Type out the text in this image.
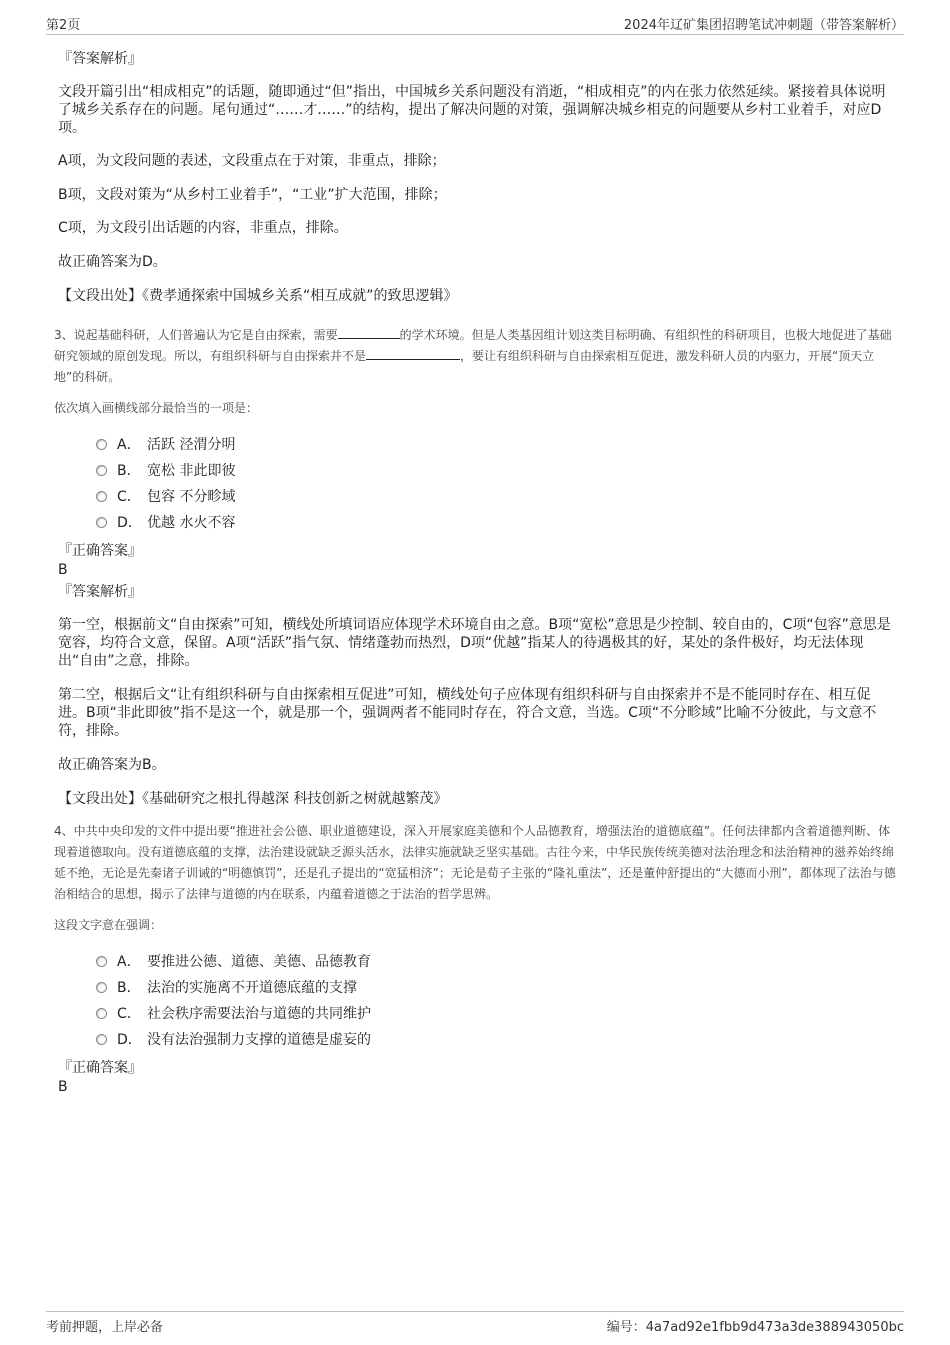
第2页	2024年辽矿集团招聘笔试冲刺题（带答案解析）
『答案解析』
文段开篇引出“相成相克”的话题，随即通过“但”指出，中国城乡关系问题没有消逝，“相成相克”的内在张力依然延续。紧接着具体说明了城乡关系存在的问题。尾句通过“……才……”的结构，提出了解决问题的对策，强调解决城乡相克的问题要从乡村工业着手，对应D项。
A项，为文段问题的表述，文段重点在于对策，非重点，排除；
B项，文段对策为“从乡村工业着手”，“工业”扩大范围，排除；
C项，为文段引出话题的内容，非重点，排除。
故正确答案为D。
【文段出处】《费孝通探索中国城乡关系“相互成就”的致思逻辑》
3、说起基础科研，人们普遍认为它是自由探索，需要	的学术环境。但是人类基因组计划这类目标明确、有组织性的科研项目，也极大地促进了基础研究领域的原创发现。所以，有组织科研与自由探索并不是	，要让有组织科研与自由探索相互促进，激发科研人员的内驱力，开展“顶天立地”的科研。
依次填入画横线部分最恰当的一项是：
A． 活跃 泾渭分明
B． 宽松 非此即彼
C． 包容 不分畛域
D． 优越 水火不容
『正确答案』
B
『答案解析』
第一空，根据前文“自由探索”可知，横线处所填词语应体现学术环境自由之意。B项“宽松”意思是少控制、较自由的，C项“包容”意思是宽容，均符合文意，保留。A项“活跃”指气氛、情绪蓬勃而热烈，D项“优越”指某人的待遇极其的好，某处的条件极好，均无法体现出“自由”之意，排除。
第二空，根据后文“让有组织科研与自由探索相互促进”可知，横线处句子应体现有组织科研与自由探索并不是不能同时存在、相互促进。B项“非此即彼”指不是这一个，就是那一个，强调两者不能同时存在，符合文意，当选。C项“不分畛域”比喻不分彼此，与文意不符，排除。
故正确答案为B。
【文段出处】《基础研究之根扎得越深 科技创新之树就越繁茂》
4、中共中央印发的文件中提出要“推进社会公德、职业道德建设，深入开展家庭美德和个人品德教育，增强法治的道德底蕴”。任何法律都内含着道德判断、体现着道德取向。没有道德底蕴的支撑，法治建设就缺乏源头活水，法律实施就缺乏坚实基础。古往今来，中华民族传统美德对法治理念和法治精神的滋养始终绵延不绝，无论是先秦诸子训诫的“明德慎罚”，还是孔子提出的“宽猛相济”；无论是荀子主张的“隆礼重法”，还是董仲舒提出的“大德而小刑”，都体现了法治与德治相结合的思想，揭示了法律与道德的内在联系，内蕴着道德之于法治的哲学思辨。
这段文字意在强调：
A． 要推进公德、道德、美德、品德教育
B． 法治的实施离不开道德底蕴的支撑
C． 社会秩序需要法治与道德的共同维护
D． 没有法治强制力支撑的道德是虚妄的
『正确答案』
B
考前押题，上岸必备	编号：4a7ad92e1fbb9d473a3de388943050bc
